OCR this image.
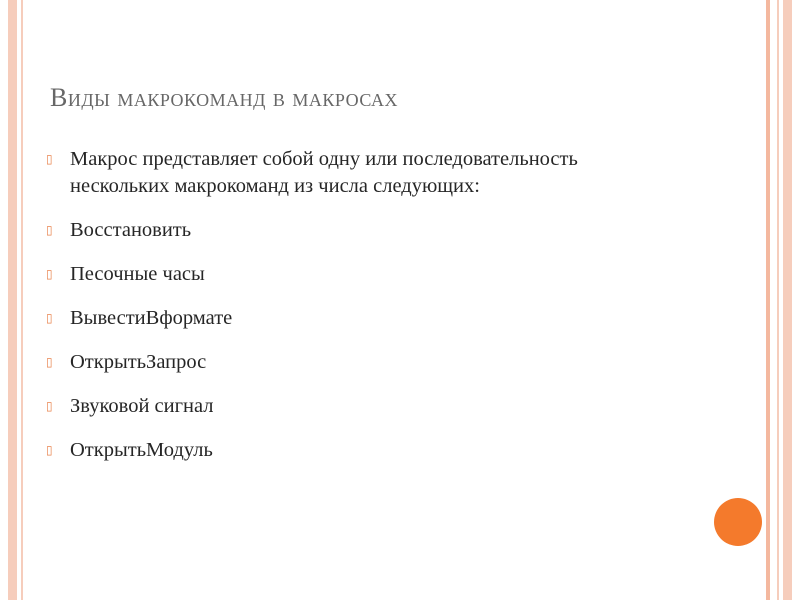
Виды макрокоманд в макросах
▯ Макрос представляет собой одну или последовательность нескольких макрокоманд из числа следующих:
▯ Восстановить
▯ Песочные часы
▯ ВывестиВформате
▯ ОткрытьЗапрос
▯ Звуковой сигнал
▯ ОткрытьМодуль
